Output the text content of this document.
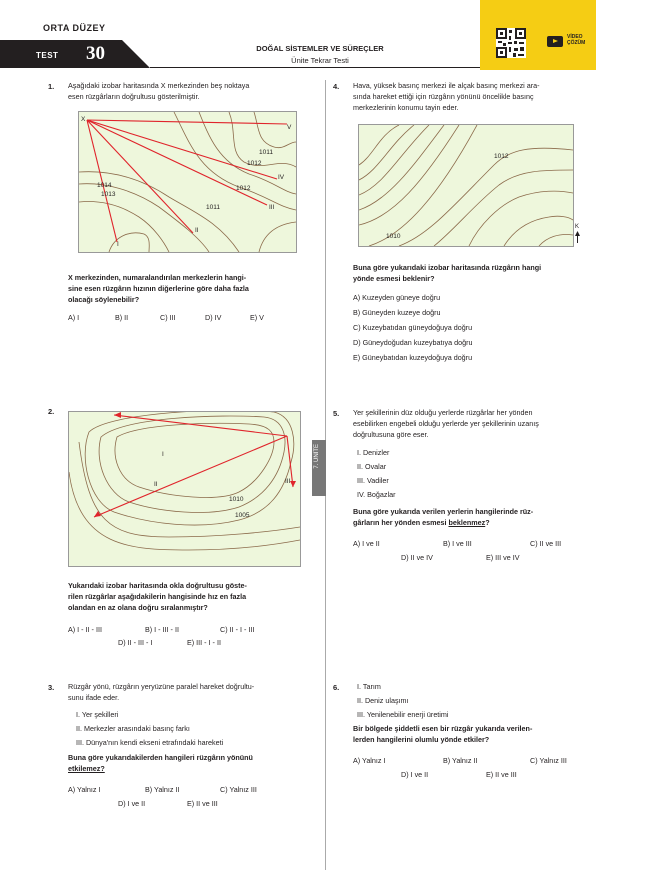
ORTA DÜZEY
TEST 30	DOĞAL SİSTEMLER VE SÜREÇLER
Ünite Tekrar Testi
VİDEO
ÇÖZÜM
7. ÜNİTE
1. Aşağıdaki izobar haritasında X merkezinden beş noktaya
esen rüzgârların doğrultusu gösterilmiştir.
X
V
IV
III
II
I
1011
1012
1012
1011
1014
1013
X merkezinden, numaralandırılan merkezlerin hangi-
sine esen rüzgârın hızının diğerlerine göre daha fazla
olacağı söylenebilir?
A) I	B) II	C) III	D) IV	E) V
2.
I
II	III
1010
1005
Yukarıdaki izobar haritasında okla doğrultusu göste-
rilen rüzgârlar aşağıdakilerin hangisinde hız en fazla
olandan en az olana doğru sıralanmıştır?
A) I - II - III	B) I - III - II	C) II - I - III
D) II - III - I	E) III - I - II
3. Rüzgâr yönü, rüzgârın yeryüzüne paralel hareket doğrultu-
sunu ifade eder.
I. Yer şekilleri
II. Merkezler arasındaki basınç farkı
III. Dünya'nın kendi ekseni etrafındaki hareketi
Buna göre yukarıdakilerden hangileri rüzgârın yönünü
etkilemez?
A) Yalnız I	B) Yalnız II	C) Yalnız III
D) I ve II	E) II ve III
4. Hava, yüksek basınç merkezi ile alçak basınç merkezi ara-
sında hareket ettiği için rüzgârın yönünü öncelikle basınç
merkezlerinin konumu tayin eder.
1012
1010
K
Buna göre yukarıdaki izobar haritasında rüzgârın hangi
yönde esmesi beklenir?
A) Kuzeyden güneye doğru
B) Güneyden kuzeye doğru
C) Kuzeybatıdan güneydoğuya doğru
D) Güneydoğudan kuzeybatıya doğru
E) Güneybatıdan kuzeydoğuya doğru
5. Yer şekillerinin düz olduğu yerlerde rüzgârlar her yönden
esebilirken engebeli olduğu yerlerde yer şekillerinin uzanış
doğrultusuna göre eser.
I. Denizler
II. Ovalar
III. Vadiler
IV. Boğazlar
Buna göre yukarıda verilen yerlerin hangilerinde rüz-
gârların her yönden esmesi beklenmez?
A) I ve II	B) I ve III	C) II ve III
D) II ve IV	E) III ve IV
6. I. Tarım
II. Deniz ulaşımı
III. Yenilenebilir enerji üretimi
Bir bölgede şiddetli esen bir rüzgâr yukarıda verilen-
lerden hangilerini olumlu yönde etkiler?
A) Yalnız I	B) Yalnız II	C) Yalnız III
D) I ve II	E) II ve III
